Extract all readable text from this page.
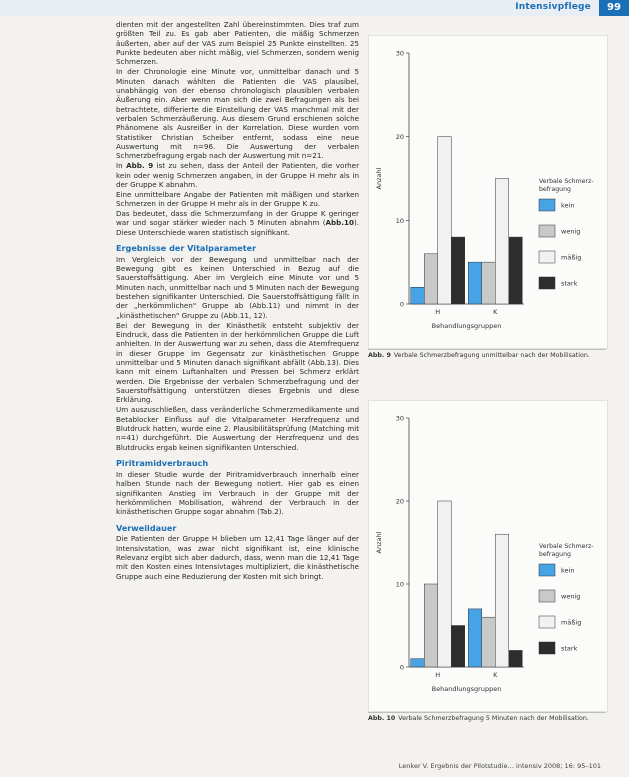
Intensivpflege	99

dienten mit der angestellten Zahl übereinstimmten. Dies traf zum größten Teil zu. Es gab aber Patienten, die mäßig Schmerzen äußerten, aber auf der VAS zum Beispiel 25 Punkte einstellten. 25 Punkte bedeuten aber nicht mäßig, viel Schmerzen, sondern wenig Schmerzen.

In der Chronologie eine Minute vor, unmittelbar danach und 5 Minuten danach wählten die Patienten die VAS plausibel, unabhängig von der ebenso chronologisch plausiblen verbalen Äußerung ein. Aber wenn man sich die zwei Befragungen als bei betrachtete, differierte die Einstellung der VAS manchmal mit der verbalen Schmerzäußerung. Aus diesem Grund erschienen solche Phänomene als Ausreißer in der Korrelation. Diese wurden vom Statistiker Christian Scheiber entfernt, sodass eine neue Auswertung mit n=96. Die Auswertung der verbalen Schmerzbefragung ergab nach der Auswertung mit n=21.

In Abb. 9 ist zu sehen, dass der Anteil der Patienten, die vorher kein oder wenig Schmerzen angaben, in der Gruppe H mehr als in der Gruppe K abnahm.

Eine unmittelbare Angabe der Patienten mit mäßigen und starken Schmerzen in der Gruppe H mehr als in der Gruppe K zu.

Das bedeutet, dass die Schmerzumfang in der Gruppe K geringer war und sogar stärker wieder nach 5 Minuten abnahm (Abb.10). Diese Unterschiede waren statistisch signifikant.

Ergebnisse der Vitalparameter

Im Vergleich vor der Bewegung und unmittelbar nach der Bewegung gibt es keinen Unterschied in Bezug auf die Sauerstoffsättigung. Aber im Vergleich eine Minute vor und 5 Minuten nach, unmittelbar nach und 5 Minuten nach der Bewegung bestehen signifikanter Unterschied. Die Sauerstoffsättigung fällt in der „herkömmlichen" Gruppe ab (Abb.11) und nimmt in der „kinästhetischen" Gruppe zu (Abb.11, 12).

Bei der Bewegung in der Kinästhetik entsteht subjektiv der Eindruck, dass die Patienten in der herkömmlichen Gruppe die Luft anhielten. In der Auswertung war zu sehen, dass die Atemfrequenz in dieser Gruppe im Gegensatz zur kinästhetischen Gruppe unmittelbar und 5 Minuten danach signifikant abfällt (Abb.13). Dies kann mit einem Luftanhalten und Pressen bei Schmerz erklärt werden. Die Ergebnisse der verbalen Schmerzbefragung und der Sauerstoffsättigung unterstützen dieses Ergebnis und diese Erklärung.

Um auszuschließen, dass veränderliche Schmerzmedikamente und Betablocker Einfluss auf die Vitalparameter Herzfrequenz und Blutdruck hatten, wurde eine 2. Plausibilitätsprüfung (Matching mit n=41) durchgeführt. Die Auswertung der Herzfrequenz und des Blutdrucks ergab keinen signifikanten Unterschied.

Piritramidverbrauch

In dieser Studie wurde der Piritramidverbrauch innerhalb einer halben Stunde nach der Bewegung notiert. Hier gab es einen signifikanten Anstieg im Verbrauch in der Gruppe mit der herkömmlichen Mobilisation, während der Verbrauch in der kinästhetischen Gruppe sogar abnahm (Tab.2).

Verweildauer

Die Patienten der Gruppe H blieben um 12,41 Tage länger auf der Intensivstation, was zwar nicht signifikant ist, eine klinische Relevanz ergibt sich aber dadurch, dass, wenn man die 12,41 Tage mit den Kosten eines Intensivtages multipliziert, die kinästhetische Gruppe auch eine Reduzierung der Kosten mit sich bringt.

0
10
20
30
Anzahl
H	K
Behandlungsgruppen
Verbale Schmerz-befragung
kein
wenig
mäßig
stark
Abb. 9 Verbale Schmerzbefragung unmittelbar nach der Mobilisation.
0
10
20
30
Anzahl
H	K
Behandlungsgruppen
Verbale Schmerz-befragung
kein
wenig
mäßig
stark
Abb. 10 Verbale Schmerzbefragung 5 Minuten nach der Mobilisation.
Lenker V. Ergebnis der Pilotstudie… intensiv 2008; 16: 95–101
